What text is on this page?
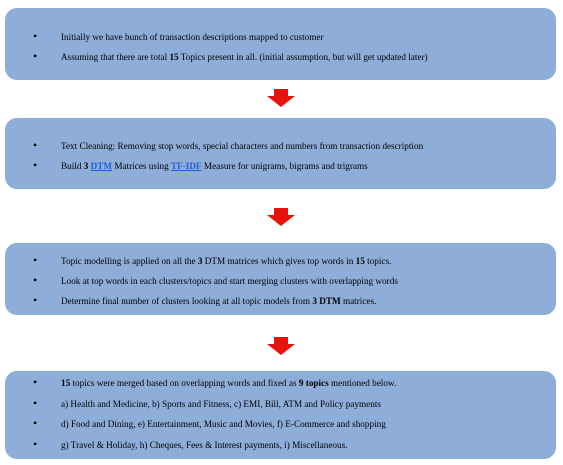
•	Initially we have bunch of transaction descriptions mapped to customer
•	Assuming that there are total 15 Topics present in all. (initial assumption, but will get updated later)
•	Text Cleaning: Removing stop words, special characters and numbers from transaction description
•	Build 3 DTM Matrices using TF-IDF Measure for unigrams, bigrams and trigrams
•	Topic modelling is applied on all the 3 DTM matrices which gives top words in 15 topics.
•	Look at top words in each clusters/topics and start merging clusters with overlapping words
•	Determine final number of clusters looking at all topic models from 3 DTM matrices.
•	15 topics were merged based on overlapping words and fixed as 9 topics mentioned below.
•	a) Health and Medicine, b) Sports and Fitness, c) EMI, Bill, ATM and Policy payments
•	d) Food and Dining, e) Entertainment, Music and Movies, f) E-Commerce and shopping
•	g) Travel & Holiday, h) Cheques, Fees & Interest payments, i) Miscellaneous.
